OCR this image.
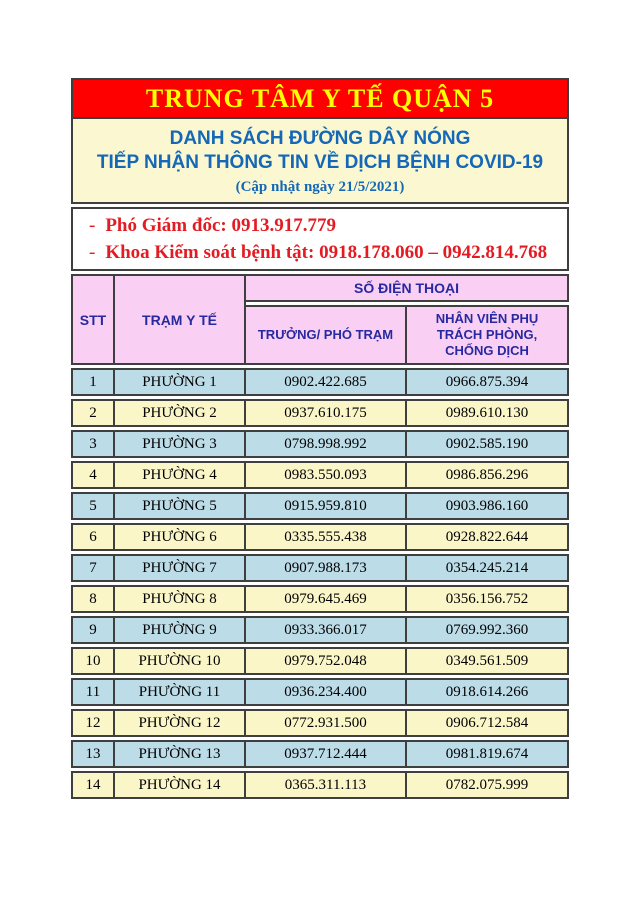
TRUNG TÂM Y TẾ QUẬN 5
DANH SÁCH ĐƯỜNG DÂY NÓNG
TIẾP NHẬN THÔNG TIN VỀ DỊCH BỆNH COVID-19
(Cập nhật ngày 21/5/2021)
- Phó Giám đốc: 0913.917.779
- Khoa Kiểm soát bệnh tật: 0918.178.060 – 0942.814.768
STT	TRẠM Y TẾ	SỐ ĐIỆN THOẠI	
		TRƯỞNG/ PHÓ TRẠM	NHÂN VIÊN PHỤ TRÁCH PHÒNG, CHỐNG DỊCH
1	PHƯỜNG 1	0902.422.685	0966.875.394
2	PHƯỜNG 2	0937.610.175	0989.610.130
3	PHƯỜNG 3	0798.998.992	0902.585.190
4	PHƯỜNG 4	0983.550.093	0986.856.296
5	PHƯỜNG 5	0915.959.810	0903.986.160
6	PHƯỜNG 6	0335.555.438	0928.822.644
7	PHƯỜNG 7	0907.988.173	0354.245.214
8	PHƯỜNG 8	0979.645.469	0356.156.752
9	PHƯỜNG 9	0933.366.017	0769.992.360
10	PHƯỜNG 10	0979.752.048	0349.561.509
11	PHƯỜNG 11	0936.234.400	0918.614.266
12	PHƯỜNG 12	0772.931.500	0906.712.584
13	PHƯỜNG 13	0937.712.444	0981.819.674
14	PHƯỜNG 14	0365.311.113	0782.075.999
